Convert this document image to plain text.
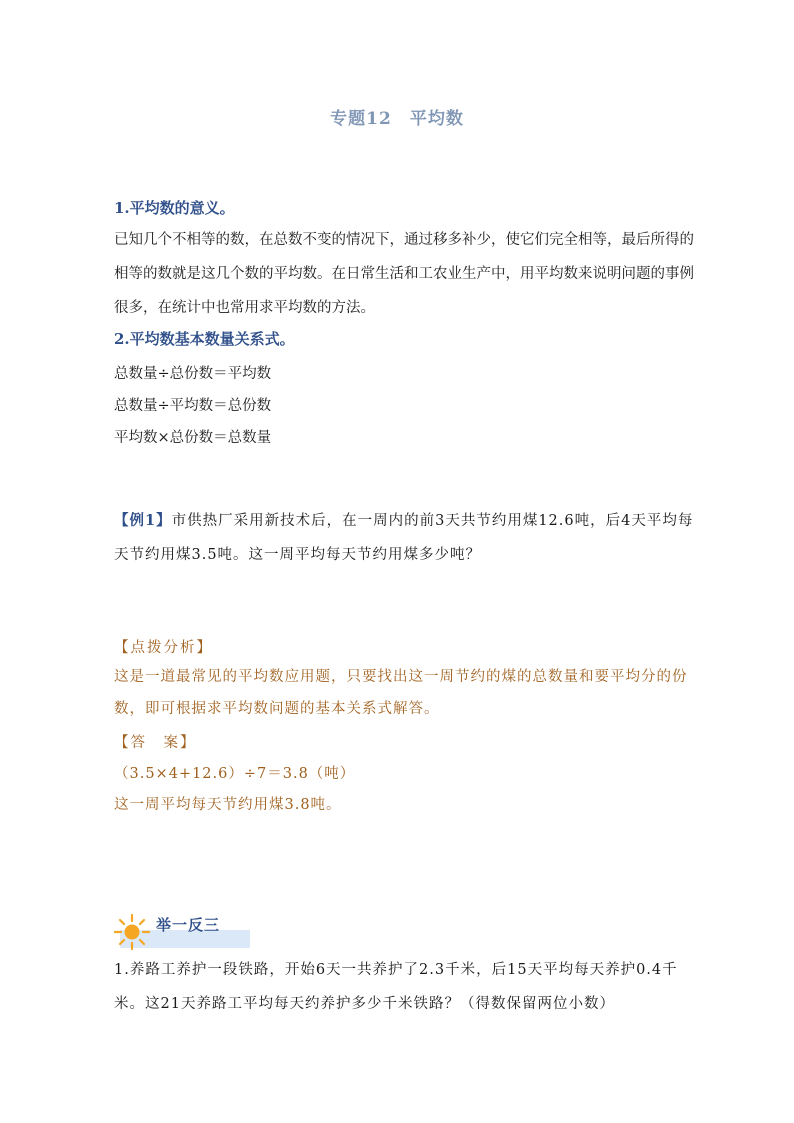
专题12　平均数
1.平均数的意义。
已知几个不相等的数，在总数不变的情况下，通过移多补少，使它们完全相等，最后所得的相等的数就是这几个数的平均数。在日常生活和工农业生产中，用平均数来说明问题的事例很多，在统计中也常用求平均数的方法。
2.平均数基本数量关系式。
总数量÷总份数＝平均数
总数量÷平均数＝总份数
平均数×总份数＝总数量
【例1】市供热厂采用新技术后，在一周内的前3天共节约用煤12.6吨，后4天平均每天节约用煤3.5吨。这一周平均每天节约用煤多少吨？
【点拨分析】
这是一道最常见的平均数应用题，只要找出这一周节约的煤的总数量和要平均分的份数，即可根据求平均数问题的基本关系式解答。
【答　案】
（3.5×4+12.6）÷7＝3.8（吨）
这一周平均每天节约用煤3.8吨。
举一反三
1.养路工养护一段铁路，开始6天一共养护了2.3千米，后15天平均每天养护0.4千米。这21天养路工平均每天约养护多少千米铁路？（得数保留两位小数）
